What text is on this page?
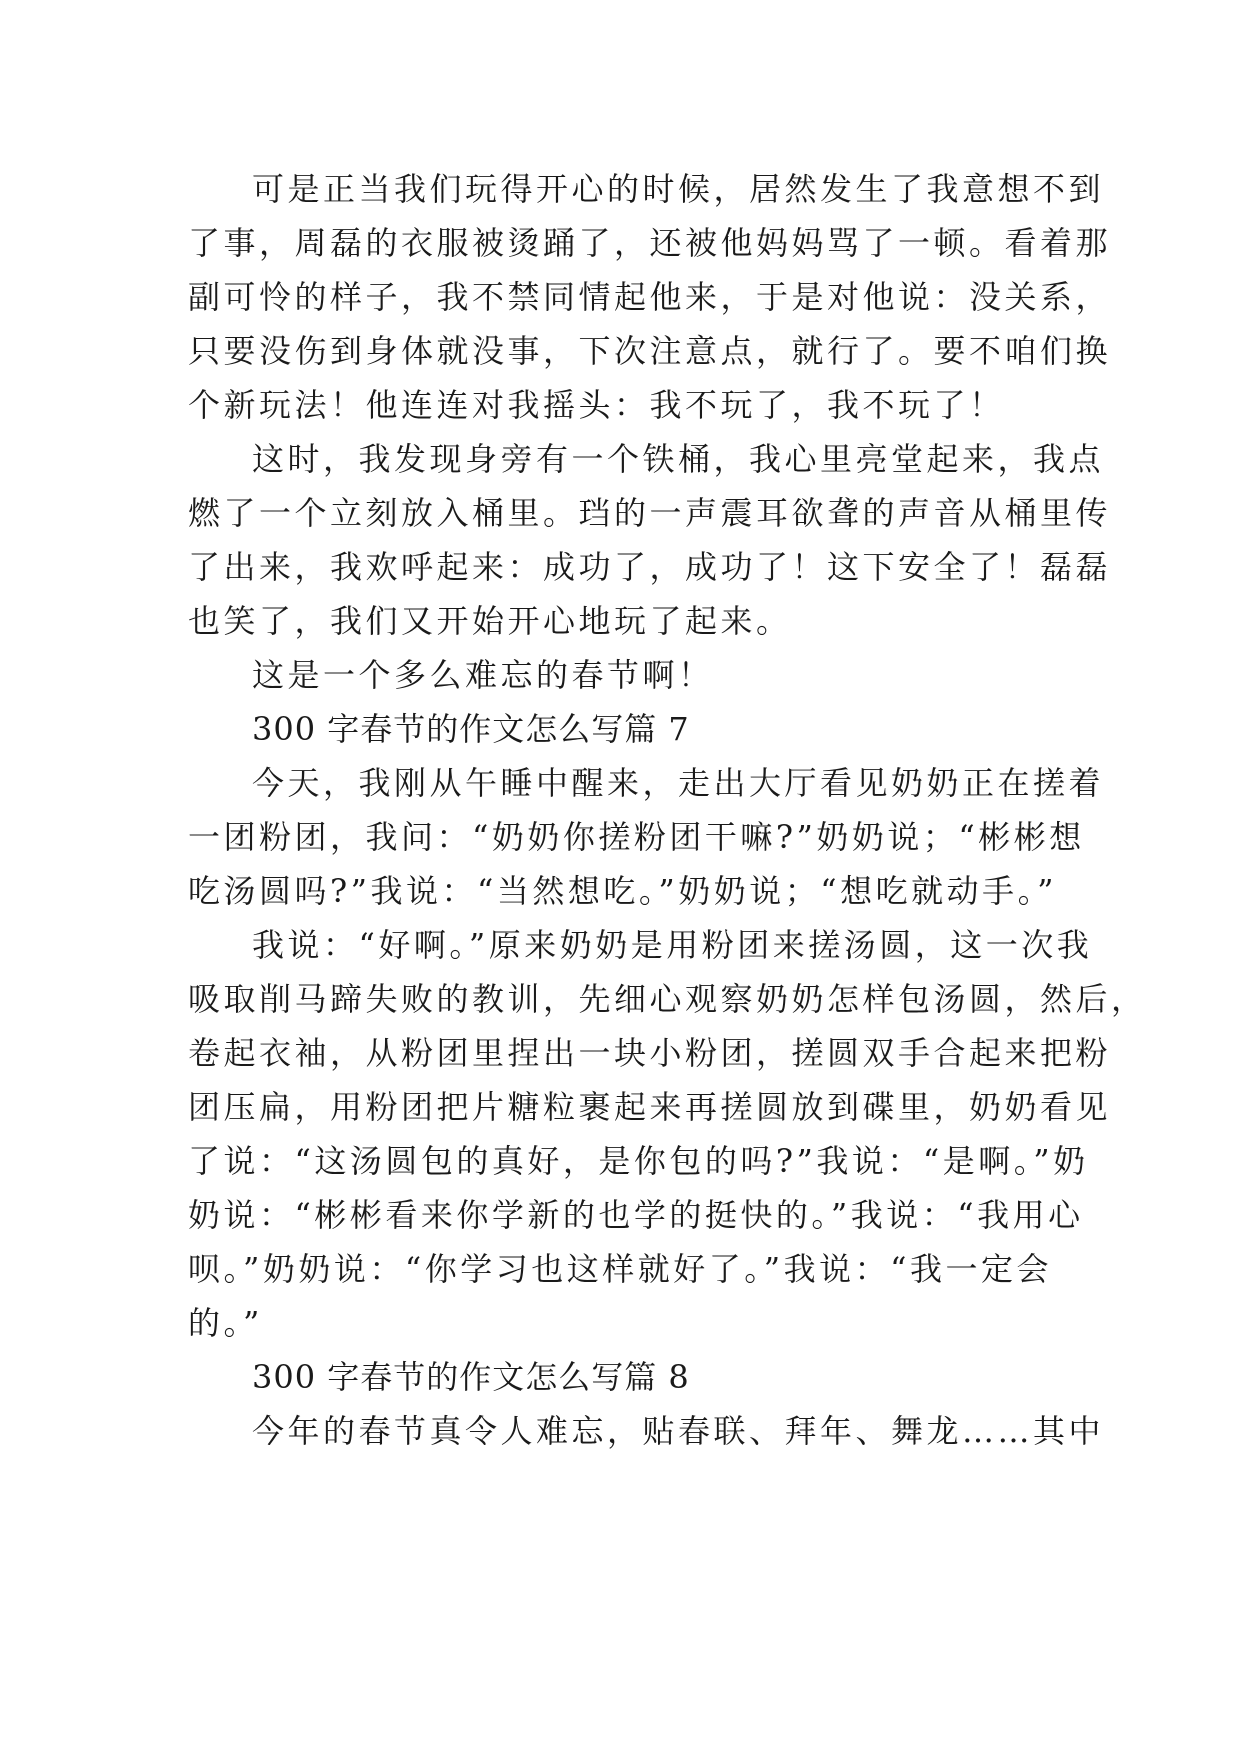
可是正当我们玩得开心的时候，居然发生了我意想不到
了事，周磊的衣服被烫踊了，还被他妈妈骂了一顿。看着那
副可怜的样子，我不禁同情起他来，于是对他说：没关系，
只要没伤到身体就没事，下次注意点，就行了。要不咱们换
个新玩法！他连连对我摇头：我不玩了，我不玩了！
这时，我发现身旁有一个铁桶，我心里亮堂起来，我点
燃了一个立刻放入桶里。珰的一声震耳欲聋的声音从桶里传
了出来，我欢呼起来：成功了，成功了！这下安全了！磊磊
也笑了，我们又开始开心地玩了起来。
这是一个多么难忘的春节啊！
300 字春节的作文怎么写篇 7
今天，我刚从午睡中醒来，走出大厅看见奶奶正在搓着
一团粉团，我问：“奶奶你搓粉团干嘛?”奶奶说；“彬彬想
吃汤圆吗?”我说：“当然想吃。”奶奶说；“想吃就动手。”
我说：“好啊。”原来奶奶是用粉团来搓汤圆，这一次我
吸取削马蹄失败的教训，先细心观察奶奶怎样包汤圆，然后，
卷起衣袖，从粉团里捏出一块小粉团，搓圆双手合起来把粉
团压扁，用粉团把片糖粒裹起来再搓圆放到碟里，奶奶看见
了说：“这汤圆包的真好，是你包的吗?”我说：“是啊。”奶
奶说：“彬彬看来你学新的也学的挺快的。”我说：“我用心
呗。”奶奶说：“你学习也这样就好了。”我说：“我一定会
的。”
300 字春节的作文怎么写篇 8
今年的春节真令人难忘，贴春联、拜年、舞龙……其中
